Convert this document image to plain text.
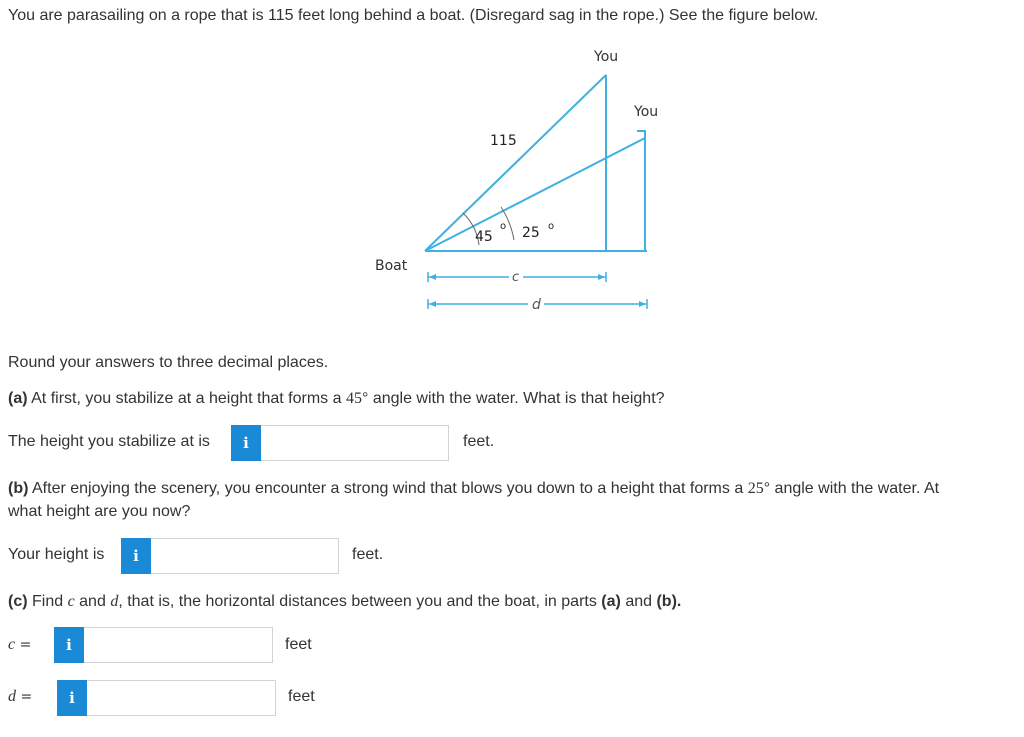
You are parasailing on a rope that is 115 feet long behind a boat. (Disregard sag in the rope.) See the figure below.
You
You
115
45
o 25 o
Boat
c
d
Round your answers to three decimal places.
(a) At first, you stabilize at a height that forms a 45° angle with the water. What is that height?
The height you stabilize at is	i	feet.
(b) After enjoying the scenery, you encounter a strong wind that blows you down to a height that forms a 25° angle with the water. At
what height are you now?
Your height is	i	feet.
(c) Find c and d, that is, the horizontal distances between you and the boat, in parts (a) and (b).
c =	i	feet
d =	i	feet
